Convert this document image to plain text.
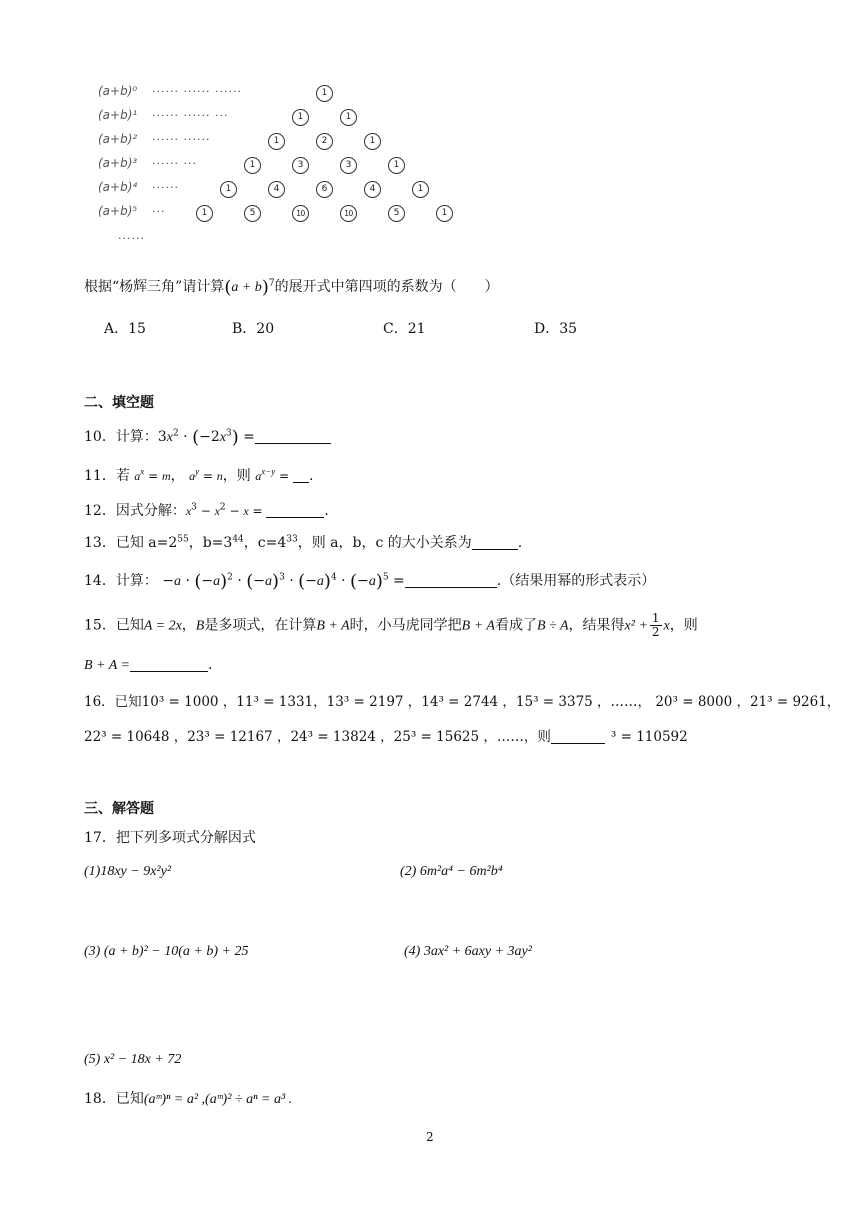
(a+b)⁰ ······ ······ ······	1
(a+b)¹ ······ ······ ···	1	1
(a+b)² ······ ······	1	2	1
(a+b)³ ······ ···	1	3	3	1
(a+b)⁴ ······	1	4	6	4	1
(a+b)⁵ ···	1	5	10	10	5	1
······
根据“杨辉三角”请计算$(a + b)^7$的展开式中第四项的系数为（　　）
A．15	B．20	C．21	D．35
二、填空题
10．计算：$3x^2 \cdot (-2x^3)$ =
11．若 $a^x = m$， $a^y = n$，则 $a^{x-y}$ = .
12．因式分解：$x^3 - x^2 - x$ =	.
13．已知 $a=2^{55}$，$b=3^{44}$，$c=4^{33}$，则 a，b，c 的大小关系为	.
14．计算： $-a \cdot (-a)^2 \cdot (-a)^3 \cdot (-a)^4 \cdot (-a)^5$ =	.（结果用幂的形式表示）
15．已知A = 2x，B是多项式，在计算B + A时，小马虎同学把B + A看成了B ÷ A，结果得$x^2 + \frac{1}{2}$ x，则
B + A =	.
16．已知10³ = 1000 ，11³ = 1331，13³ = 2197 ，14³ = 2744 ，15³ = 3375 ，……， 20³ = 8000 ，21³ = 9261，
22³ = 10648 ，23³ = 12167 ，24³ = 13824 ，25³ = 15625 ，……，则	³ = 110592
三、解答题
17．把下列多项式分解因式
(1)18xy − 9x²y²	(2) 6m²a⁴ − 6m²b⁴
(3) (a + b)² − 10(a + b) + 25	(4) 3ax² + 6axy + 3ay²
(5) x² − 18x + 72
18．已知(aᵐ)ⁿ = a² ,(aᵐ)² ÷ aⁿ = a³ .
2
